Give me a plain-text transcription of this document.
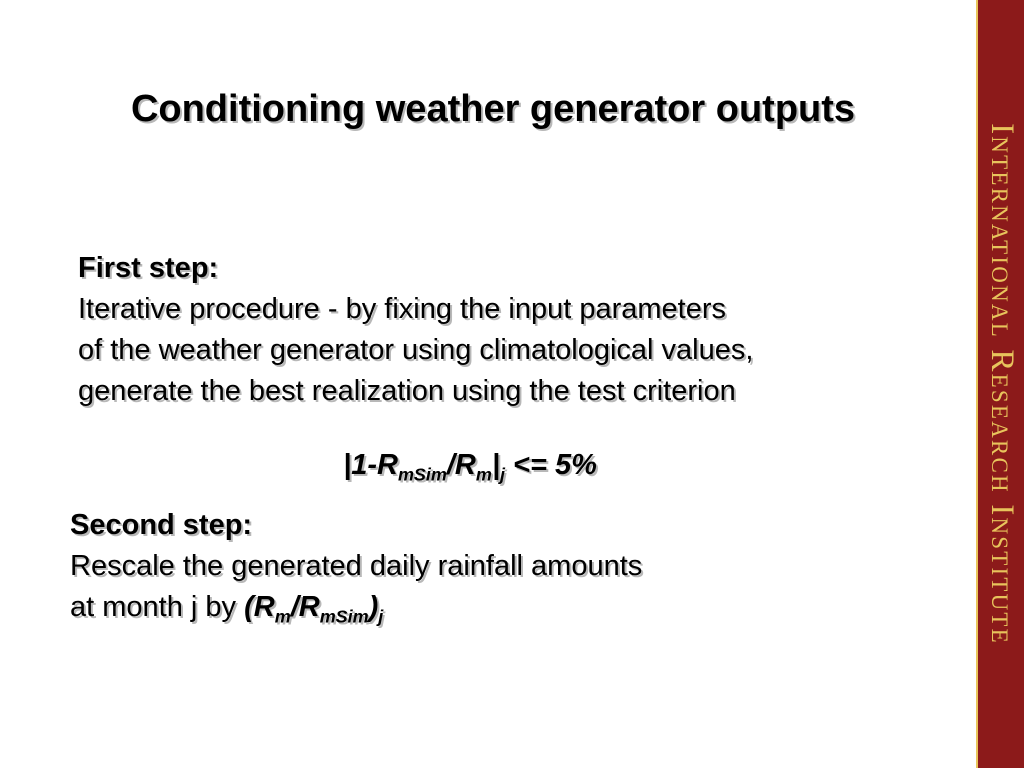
Conditioning weather generator outputs
First step:
Iterative procedure - by fixing the input parameters
of the weather generator using climatological values,
generate the best realization using the test criterion
$|1-R_{mSim}/R_m|_j <= 5\%$
Second step:
Rescale the generated daily rainfall amounts
at month j by $(R_m/R_{mSim})_j$	International Research Institute
